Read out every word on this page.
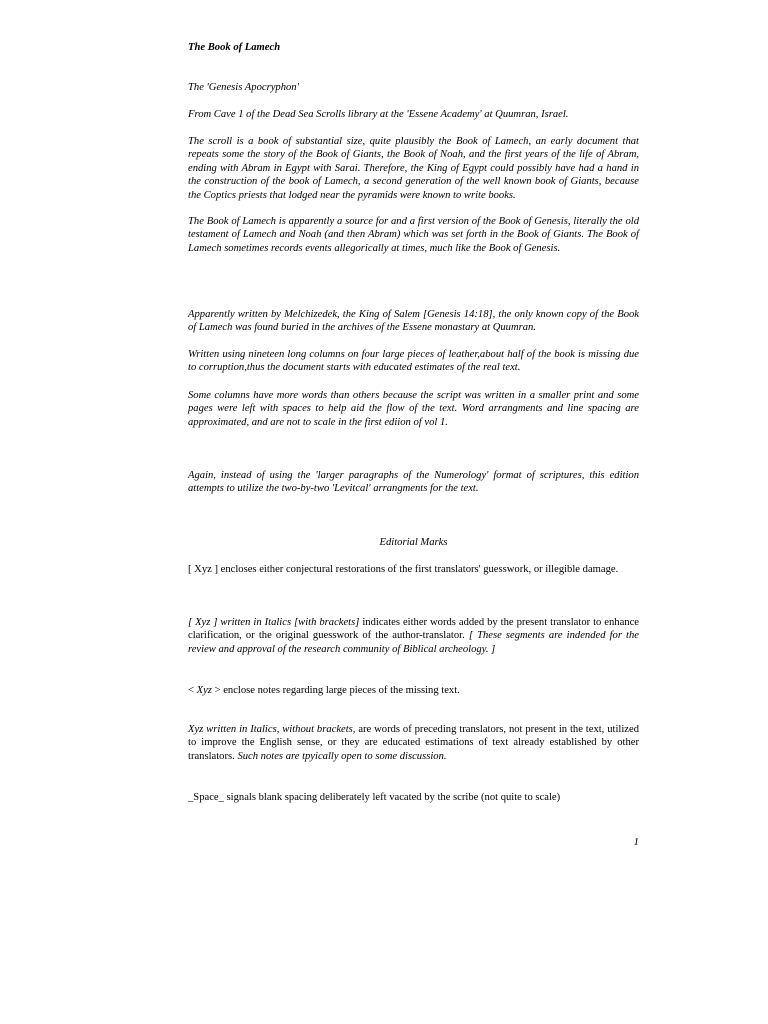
The Book of Lamech

The 'Genesis Apocryphon'

From Cave 1 of the Dead Sea Scrolls library at the 'Essene Academy' at Quumran, Israel.

The scroll is a book of substantial size, quite plausibly the Book of Lamech, an early document that repeats some the story of the Book of Giants, the Book of Noah, and the first years of the life of Abram, ending with Abram in Egypt with Sarai. Therefore, the King of Egypt could possibly have had a hand in the construction of the book of Lamech, a second generation of the well known book of Giants, because the Coptics priests that lodged near the pyramids were known to write books.

The Book of Lamech is apparently a source for and a first version of the Book of Genesis, literally the old testament of Lamech and Noah (and then Abram) which was set forth in the Book of Giants. The Book of Lamech sometimes records events allegorically at times, much like the Book of Genesis.

Apparently written by Melchizedek, the King of Salem [Genesis 14:18], the only known copy of the Book of Lamech was found buried in the archives of the Essene monastary at Quumran.

Written using nineteen long columns on four large pieces of leather,about half of the book is missing due to corruption,thus the document starts with educated estimates of the real text.

Some columns have more words than others because the script was written in a smaller print and some pages were left with spaces to help aid the flow of the text. Word arrangments and line spacing are approximated, and are not to scale in the first ediion of vol 1.

Again, instead of using the 'larger paragraphs of the Numerology' format of scriptures, this edition attempts to utilize the two-by-two 'Levitcal' arrangments for the text.

Editorial Marks

[ Xyz ] encloses either conjectural restorations of the first translators' guesswork, or illegible damage.

[ Xyz ] written in Italics [with brackets] indicates either words added by the present translator to enhance clarification, or the original guesswork of the author-translator. [ These segments are indended for the review and approval of the research community of Biblical archeology. ]

< Xyz > enclose notes regarding large pieces of the missing text.

Xyz written in Italics, without brackets, are words of preceding translators, not present in the text, utilized to improve the English sense, or they are educated estimations of text already established by other translators. Such notes are tpyically open to some discussion.

_Space_ signals blank spacing deliberately left vacated by the scribe (not quite to scale)

1
